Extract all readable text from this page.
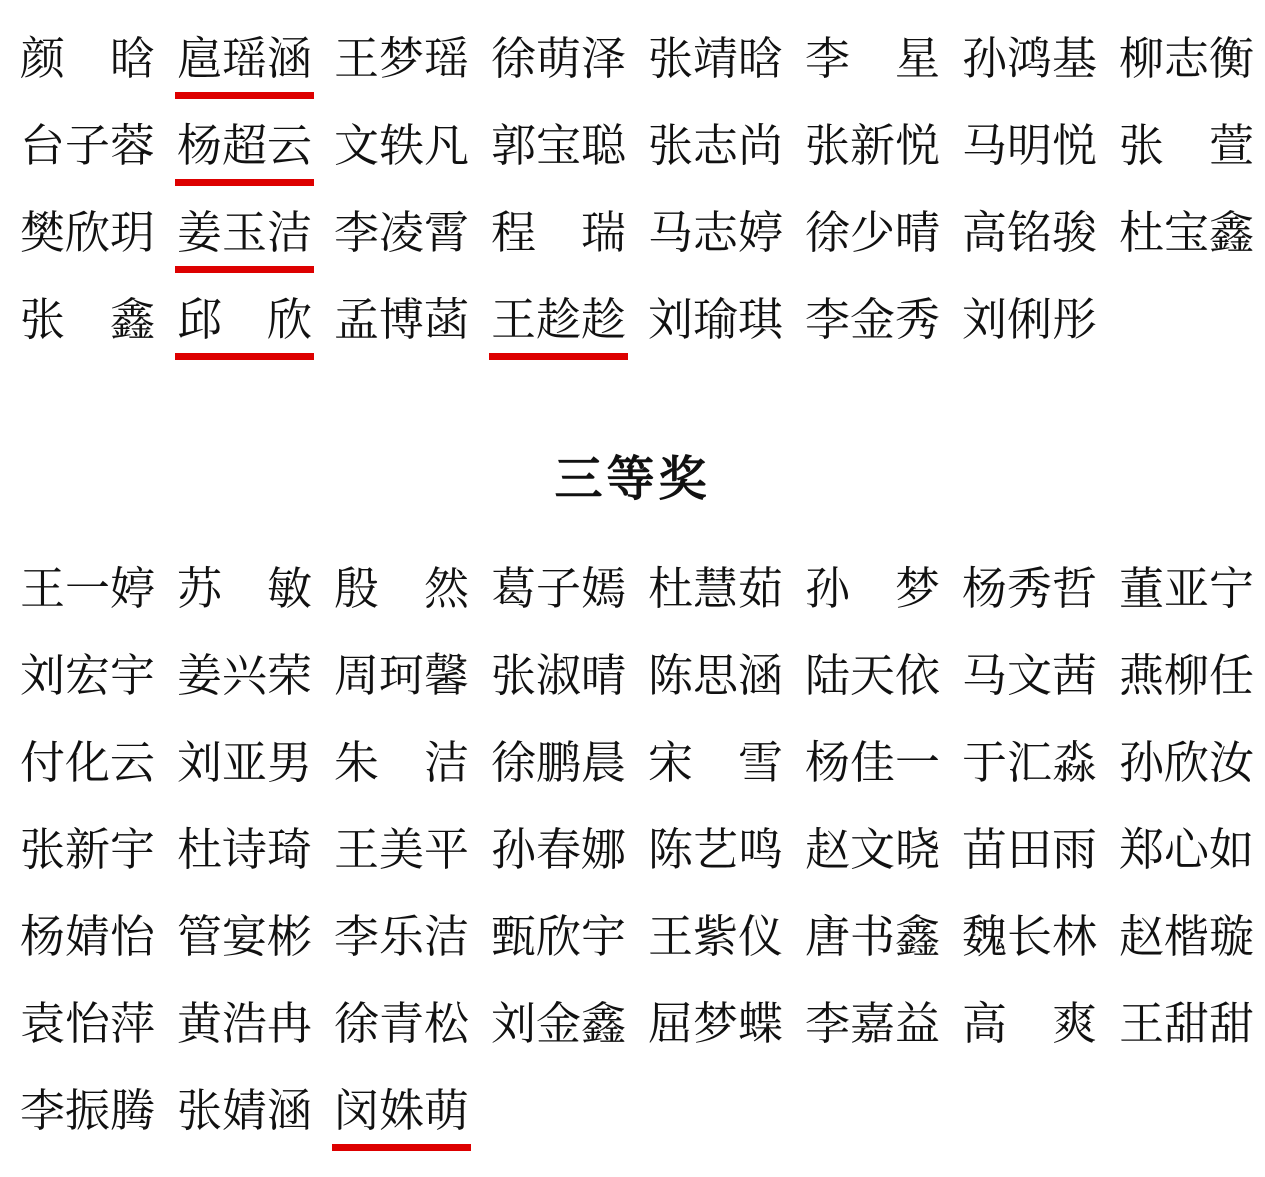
颜晗 扈瑶涵 王梦瑶 徐萌泽 张靖晗 李星 孙鸿基 柳志衡
台子蓉 杨超云 文轶凡 郭宝聪 张志尚 张新悦 马明悦 张萱
樊欣玥 姜玉洁 李凌霄 程瑞 马志婷 徐少晴 高铭骏 杜宝鑫
张鑫 邱欣 孟博菡 王趁趁 刘瑜琪 李金秀 刘俐彤
三等奖
王一婷 苏敏 殷然 葛子嫣 杜慧茹 孙梦 杨秀哲 董亚宁
刘宏宇 姜兴荣 周珂馨 张淑晴 陈思涵 陆天依 马文茜 燕柳任
付化云 刘亚男 朱洁 徐鹏晨 宋雪 杨佳一 于汇淼 孙欣汝
张新宇 杜诗琦 王美平 孙春娜 陈艺鸣 赵文晓 苗田雨 郑心如
杨婧怡 管宴彬 李乐洁 甄欣宇 王紫仪 唐书鑫 魏长林 赵楷璇
袁怡萍 黄浩冉 徐青松 刘金鑫 屈梦蝶 李嘉益 高爽 王甜甜
李振腾 张婧涵 闵姝萌
